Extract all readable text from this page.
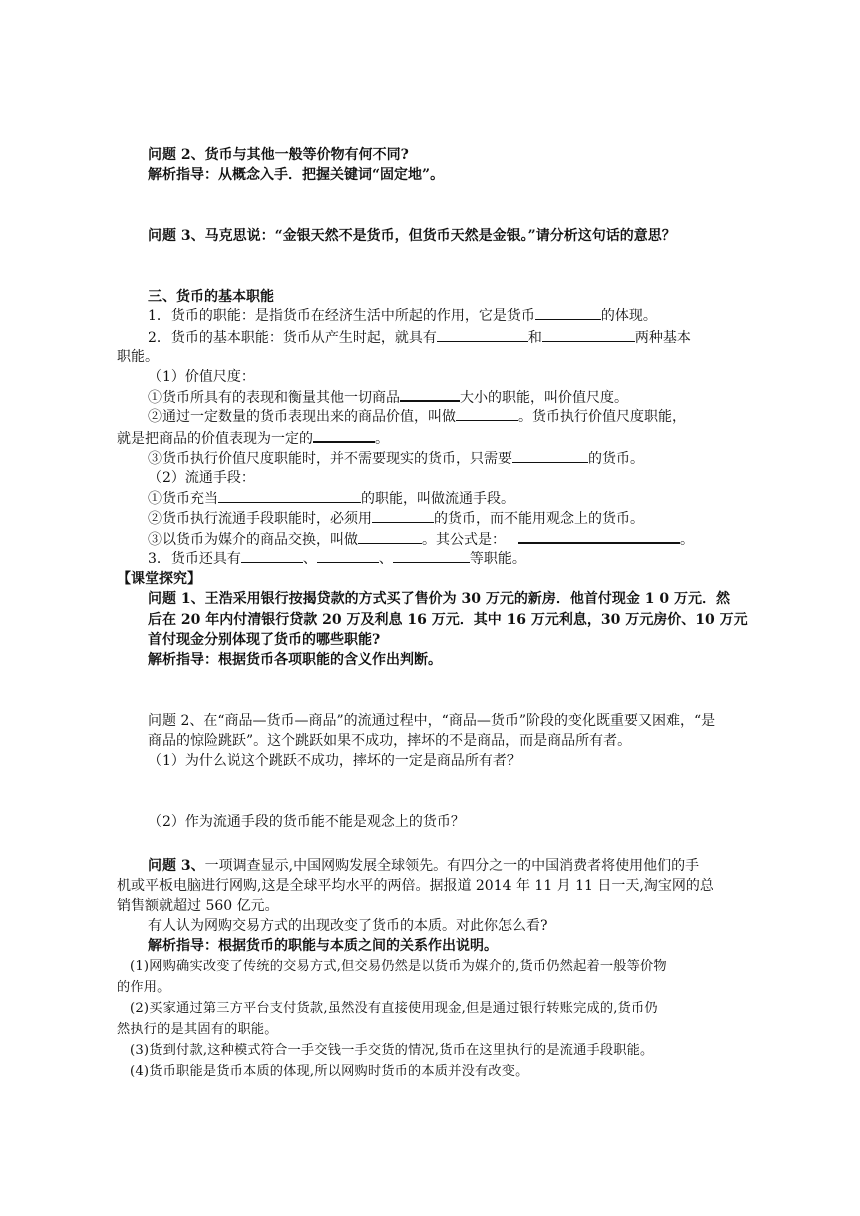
问题 2、货币与其他一般等价物有何不同?
解析指导：从概念入手．把握关键词“固定地”。
问题 3、马克思说：“金银天然不是货币，但货币天然是金银。”请分析这句话的意思？
三、货币的基本职能
1．货币的职能：是指货币在经济生活中所起的作用，它是货币	的体现。
2．货币的基本职能：货币从产生时起，就具有	和	两种基本
职能。
（1）价值尺度：
①货币所具有的表现和衡量其他一切商品	大小的职能，叫价值尺度。
②通过一定数量的货币表现出来的商品价值，叫做	。货币执行价值尺度职能，
就是把商品的价值表现为一定的	。
③货币执行价值尺度职能时，并不需要现实的货币，只需要	的货币。
（2）流通手段：
①货币充当	的职能，叫做流通手段。
②货币执行流通手段职能时，必须用	的货币，而不能用观念上的货币。
③以货币为媒介的商品交换，叫做	。其公式是：	。
3．货币还具有	、	、	等职能。
【课堂探究】
问题 1、王浩采用银行按揭贷款的方式买了售价为 30 万元的新房．他首付现金 1 0 万元．然
后在 20 年内付清银行贷款 20 万及利息 16 万元．其中 16 万元利息，30 万元房价、10 万元
首付现金分别体现了货币的哪些职能?
解析指导：根据货币各项职能的含义作出判断。
问题 2、在“商品—货币—商品”的流通过程中，“商品—货币”阶段的变化既重要又困难，“是
商品的惊险跳跃”。这个跳跃如果不成功，摔坏的不是商品，而是商品所有者。
（1）为什么说这个跳跃不成功，摔坏的一定是商品所有者？
（2）作为流通手段的货币能不能是观念上的货币？
问题 3、一项调查显示,中国网购发展全球领先。有四分之一的中国消费者将使用他们的手
机或平板电脑进行网购,这是全球平均水平的两倍。据报道 2014 年 11 月 11 日一天,淘宝网的总
销售额就超过 560 亿元。
有人认为网购交易方式的出现改变了货币的本质。对此你怎么看?
解析指导：根据货币的职能与本质之间的关系作出说明。
(1)网购确实改变了传统的交易方式,但交易仍然是以货币为媒介的,货币仍然起着一般等价物
的作用。
(2)买家通过第三方平台支付货款,虽然没有直接使用现金,但是通过银行转账完成的,货币仍
然执行的是其固有的职能。
(3)货到付款,这种模式符合一手交钱一手交货的情况,货币在这里执行的是流通手段职能。
(4)货币职能是货币本质的体现,所以网购时货币的本质并没有改变。
